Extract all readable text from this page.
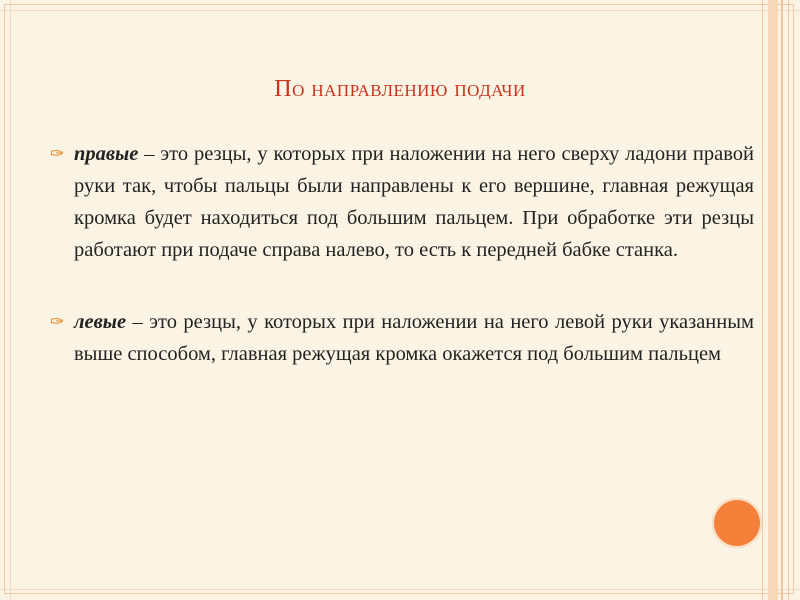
По направлению подачи

✑ правые – это резцы, у которых при наложении на него сверху ладони правой руки так, чтобы пальцы были направлены к его вершине, главная режущая кромка будет находиться под большим пальцем. При обработке эти резцы работают при подаче справа налево, то есть к передней бабке станка.

✑ левые – это резцы, у которых при наложении на него левой руки указанным выше способом, главная режущая кромка окажется под большим пальцем
